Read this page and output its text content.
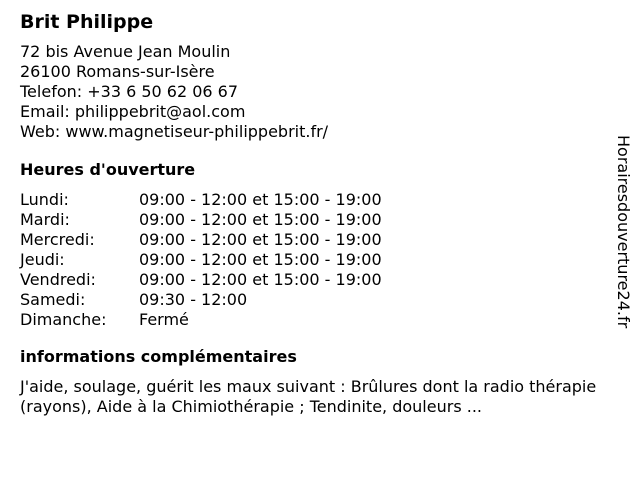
Brit Philippe
72 bis Avenue Jean Moulin
26100 Romans-sur-Isère
Telefon: +33 6 50 62 06 67
Email: philippebrit@aol.com
Web: www.magnetiseur-philippebrit.fr/
Heures d'ouverture
Lundi:	09:00 - 12:00 et 15:00 - 19:00
Mardi:	09:00 - 12:00 et 15:00 - 19:00
Mercredi:	09:00 - 12:00 et 15:00 - 19:00
Jeudi:	09:00 - 12:00 et 15:00 - 19:00
Vendredi:	09:00 - 12:00 et 15:00 - 19:00
Samedi:	09:30 - 12:00
Dimanche:	Fermé
informations complémentaires
J'aide, soulage, guérit les maux suivant : Brûlures dont la radio thérapie (rayons), Aide à la Chimiothérapie ; Tendinite, douleurs ...
Horairesdouverture24.fr
